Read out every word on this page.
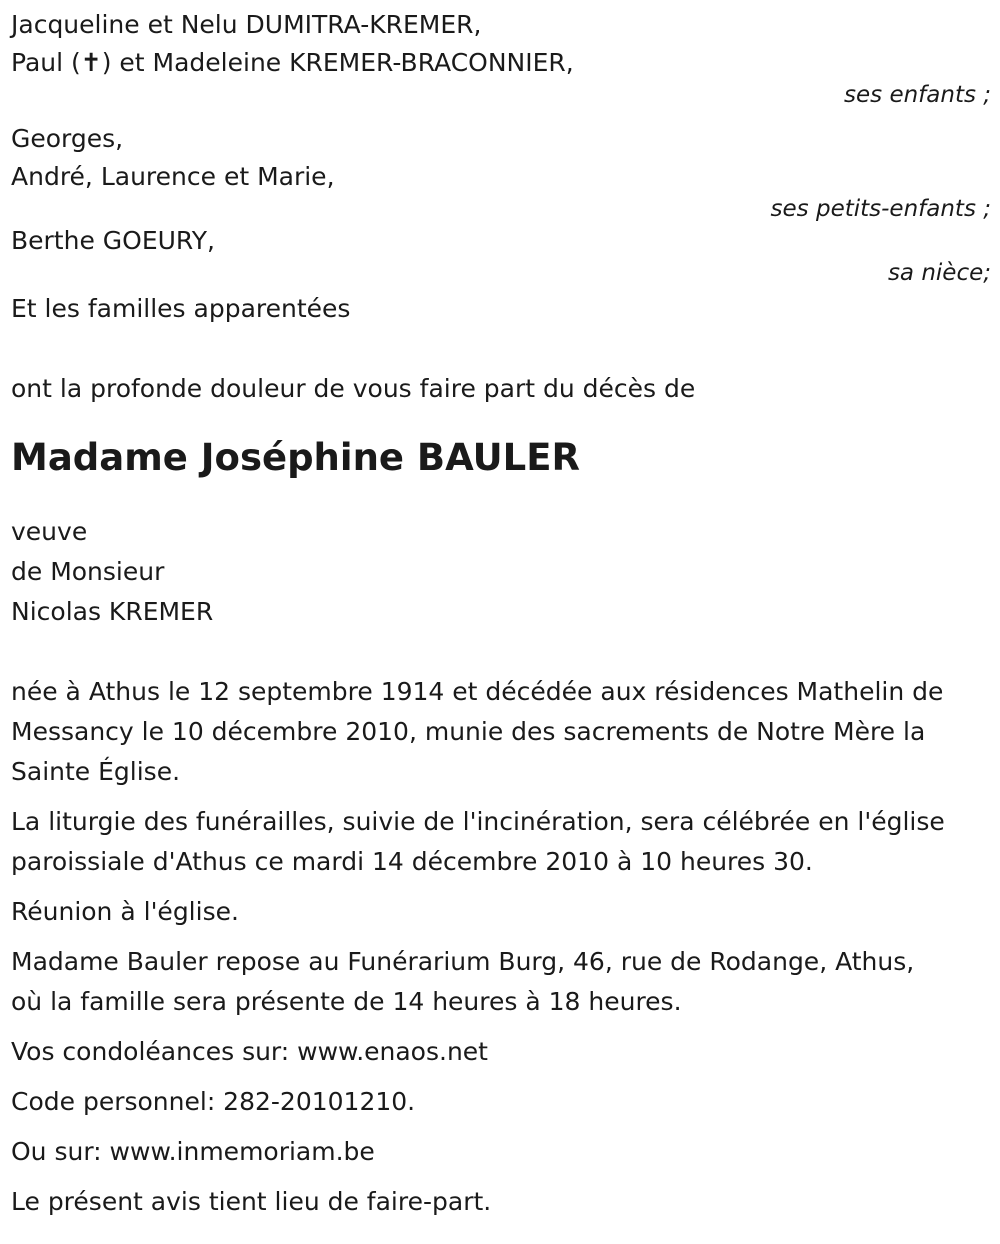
Jacqueline et Nelu DUMITRA-KREMER,
Paul (✝) et Madeleine KREMER-BRACONNIER,
ses enfants ;
Georges,
André, Laurence et Marie,
ses petits-enfants ;
Berthe GOEURY,
sa nièce;
Et les familles apparentées
ont la profonde douleur de vous faire part du décès de
Madame Joséphine BAULER
veuve
de Monsieur
Nicolas KREMER
née à Athus le 12 septembre 1914 et décédée aux résidences Mathelin de
Messancy le 10 décembre 2010, munie des sacrements de Notre Mère la
Sainte Église.
La liturgie des funérailles, suivie de l'incinération, sera célébrée en l'église
paroissiale d'Athus ce mardi 14 décembre 2010 à 10 heures 30.
Réunion à l'église.
Madame Bauler repose au Funérarium Burg, 46, rue de Rodange, Athus,
où la famille sera présente de 14 heures à 18 heures.
Vos condoléances sur: www.enaos.net
Code personnel: 282-20101210.
Ou sur: www.inmemoriam.be
Le présent avis tient lieu de faire-part.
